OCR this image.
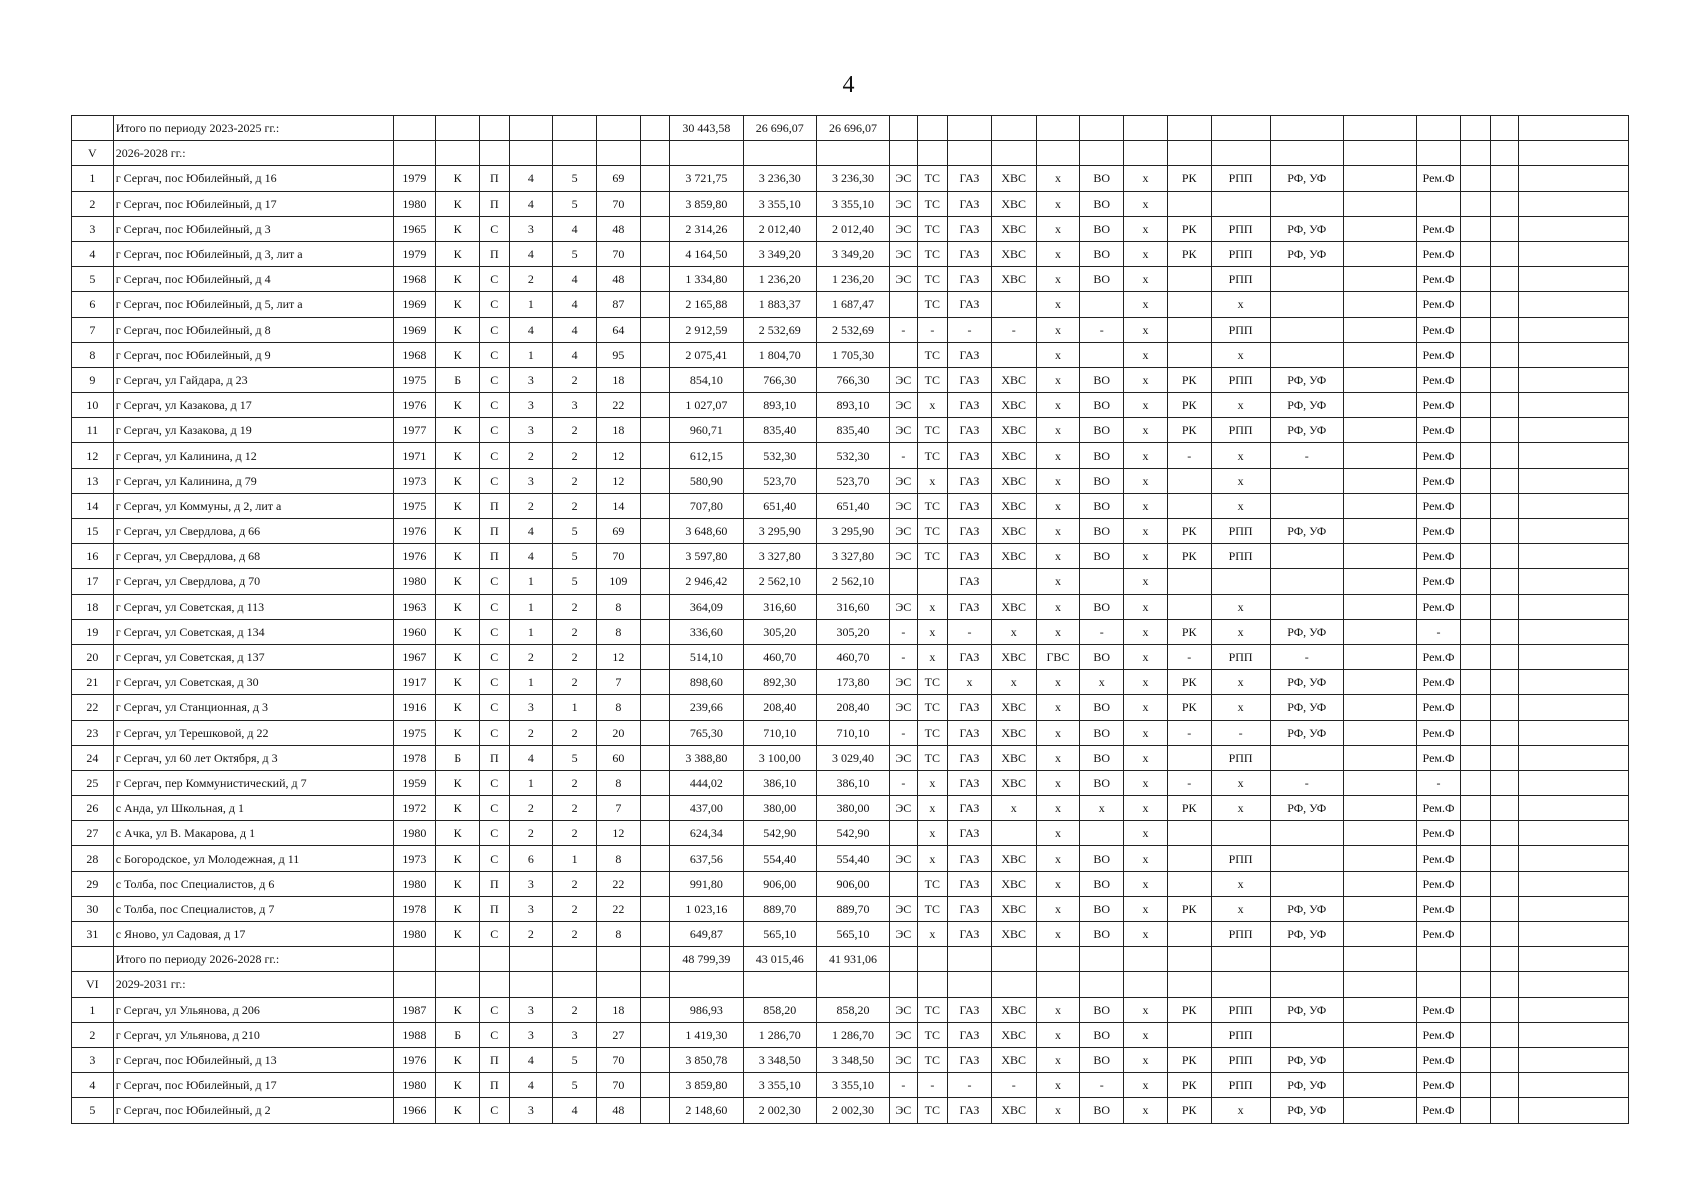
4
	Итого по периоду 2023-2025 гг.:								30 443,58	26 696,07	26 696,07															
V	2026-2028 гг.:																									
1	г Сергач, пос Юбилейный, д 16	1979	К	П	4	5	69		3 721,75	3 236,30	3 236,30	ЭС	ТС	ГАЗ	ХВС	х	ВО	х	РК	РПП	РФ, УФ		Рем.Ф			
2	г Сергач, пос Юбилейный, д 17	1980	К	П	4	5	70		3 859,80	3 355,10	3 355,10	ЭС	ТС	ГАЗ	ХВС	х	ВО	х								
3	г Сергач, пос Юбилейный, д 3	1965	К	С	3	4	48		2 314,26	2 012,40	2 012,40	ЭС	ТС	ГАЗ	ХВС	х	ВО	х	РК	РПП	РФ, УФ		Рем.Ф			
4	г Сергач, пос Юбилейный, д 3, лит а	1979	К	П	4	5	70		4 164,50	3 349,20	3 349,20	ЭС	ТС	ГАЗ	ХВС	х	ВО	х	РК	РПП	РФ, УФ		Рем.Ф			
5	г Сергач, пос Юбилейный, д 4	1968	К	С	2	4	48		1 334,80	1 236,20	1 236,20	ЭС	ТС	ГАЗ	ХВС	х	ВО	х		РПП			Рем.Ф			
6	г Сергач, пос Юбилейный, д 5, лит а	1969	К	С	1	4	87		2 165,88	1 883,37	1 687,47		ТС	ГАЗ		х		х		х			Рем.Ф			
7	г Сергач, пос Юбилейный, д 8	1969	К	С	4	4	64		2 912,59	2 532,69	2 532,69	-	-	-	-	х	-	х		РПП			Рем.Ф			
8	г Сергач, пос Юбилейный, д 9	1968	К	С	1	4	95		2 075,41	1 804,70	1 705,30		ТС	ГАЗ		х		х		х			Рем.Ф			
9	г Сергач, ул Гайдара, д 23	1975	Б	С	3	2	18		854,10	766,30	766,30	ЭС	ТС	ГАЗ	ХВС	х	ВО	х	РК	РПП	РФ, УФ		Рем.Ф			
10	г Сергач, ул Казакова, д 17	1976	К	С	3	3	22		1 027,07	893,10	893,10	ЭС	х	ГАЗ	ХВС	х	ВО	х	РК	х	РФ, УФ		Рем.Ф			
11	г Сергач, ул Казакова, д 19	1977	К	С	3	2	18		960,71	835,40	835,40	ЭС	ТС	ГАЗ	ХВС	х	ВО	х	РК	РПП	РФ, УФ		Рем.Ф			
12	г Сергач, ул Калинина, д 12	1971	К	С	2	2	12		612,15	532,30	532,30	-	ТС	ГАЗ	ХВС	х	ВО	х	-	х	-		Рем.Ф			
13	г Сергач, ул Калинина, д 79	1973	К	С	3	2	12		580,90	523,70	523,70	ЭС	х	ГАЗ	ХВС	х	ВО	х		х			Рем.Ф			
14	г Сергач, ул Коммуны, д 2, лит а	1975	К	П	2	2	14		707,80	651,40	651,40	ЭС	ТС	ГАЗ	ХВС	х	ВО	х		х			Рем.Ф			
15	г Сергач, ул Свердлова, д 66	1976	К	П	4	5	69		3 648,60	3 295,90	3 295,90	ЭС	ТС	ГАЗ	ХВС	х	ВО	х	РК	РПП	РФ, УФ		Рем.Ф			
16	г Сергач, ул Свердлова, д 68	1976	К	П	4	5	70		3 597,80	3 327,80	3 327,80	ЭС	ТС	ГАЗ	ХВС	х	ВО	х	РК	РПП			Рем.Ф			
17	г Сергач, ул Свердлова, д 70	1980	К	С	1	5	109		2 946,42	2 562,10	2 562,10			ГАЗ		х		х					Рем.Ф			
18	г Сергач, ул Советская, д 113	1963	К	С	1	2	8		364,09	316,60	316,60	ЭС	х	ГАЗ	ХВС	х	ВО	х		х			Рем.Ф			
19	г Сергач, ул Советская, д 134	1960	К	С	1	2	8		336,60	305,20	305,20	-	х	-	х	х	-	х	РК	х	РФ, УФ		-			
20	г Сергач, ул Советская, д 137	1967	К	С	2	2	12		514,10	460,70	460,70	-	х	ГАЗ	ХВС	ГВС	ВО	х	-	РПП	-		Рем.Ф			
21	г Сергач, ул Советская, д 30	1917	К	С	1	2	7		898,60	892,30	173,80	ЭС	ТС	х	х	х	х	х	РК	х	РФ, УФ		Рем.Ф			
22	г Сергач, ул Станционная, д 3	1916	К	С	3	1	8		239,66	208,40	208,40	ЭС	ТС	ГАЗ	ХВС	х	ВО	х	РК	х	РФ, УФ		Рем.Ф			
23	г Сергач, ул Терешковой, д 22	1975	К	С	2	2	20		765,30	710,10	710,10	-	ТС	ГАЗ	ХВС	х	ВО	х	-	-	РФ, УФ		Рем.Ф			
24	г Сергач, ул 60 лет Октября, д 3	1978	Б	П	4	5	60		3 388,80	3 100,00	3 029,40	ЭС	ТС	ГАЗ	ХВС	х	ВО	х		РПП			Рем.Ф			
25	г Сергач, пер Коммунистический, д 7	1959	К	С	1	2	8		444,02	386,10	386,10	-	х	ГАЗ	ХВС	х	ВО	х	-	х	-		-			
26	с Анда, ул Школьная, д 1	1972	К	С	2	2	7		437,00	380,00	380,00	ЭС	х	ГАЗ	х	х	х	х	РК	х	РФ, УФ		Рем.Ф			
27	с Ачка, ул В. Макарова, д 1	1980	К	С	2	2	12		624,34	542,90	542,90		х	ГАЗ		х		х					Рем.Ф			
28	с Богородское, ул Молодежная, д 11	1973	К	С	6	1	8		637,56	554,40	554,40	ЭС	х	ГАЗ	ХВС	х	ВО	х		РПП			Рем.Ф			
29	с Толба, пос Специалистов, д 6	1980	К	П	3	2	22		991,80	906,00	906,00		ТС	ГАЗ	ХВС	х	ВО	х		х			Рем.Ф			
30	с Толба, пос Специалистов, д 7	1978	К	П	3	2	22		1 023,16	889,70	889,70	ЭС	ТС	ГАЗ	ХВС	х	ВО	х	РК	х	РФ, УФ		Рем.Ф			
31	с Яново, ул Садовая, д 17	1980	К	С	2	2	8		649,87	565,10	565,10	ЭС	х	ГАЗ	ХВС	х	ВО	х		РПП	РФ, УФ		Рем.Ф			
	Итого по периоду 2026-2028 гг.:								48 799,39	43 015,46	41 931,06															
VI	2029-2031 гг.:																									
1	г Сергач, ул Ульянова, д 206	1987	К	С	3	2	18		986,93	858,20	858,20	ЭС	ТС	ГАЗ	ХВС	х	ВО	х	РК	РПП	РФ, УФ		Рем.Ф			
2	г Сергач, ул Ульянова, д 210	1988	Б	С	3	3	27		1 419,30	1 286,70	1 286,70	ЭС	ТС	ГАЗ	ХВС	х	ВО	х		РПП			Рем.Ф			
3	г Сергач, пос Юбилейный, д 13	1976	К	П	4	5	70		3 850,78	3 348,50	3 348,50	ЭС	ТС	ГАЗ	ХВС	х	ВО	х	РК	РПП	РФ, УФ		Рем.Ф			
4	г Сергач, пос Юбилейный, д 17	1980	К	П	4	5	70		3 859,80	3 355,10	3 355,10	-	-	-	-	х	-	х	РК	РПП	РФ, УФ		Рем.Ф			
5	г Сергач, пос Юбилейный, д 2	1966	К	С	3	4	48		2 148,60	2 002,30	2 002,30	ЭС	ТС	ГАЗ	ХВС	х	ВО	х	РК	х	РФ, УФ		Рем.Ф			
